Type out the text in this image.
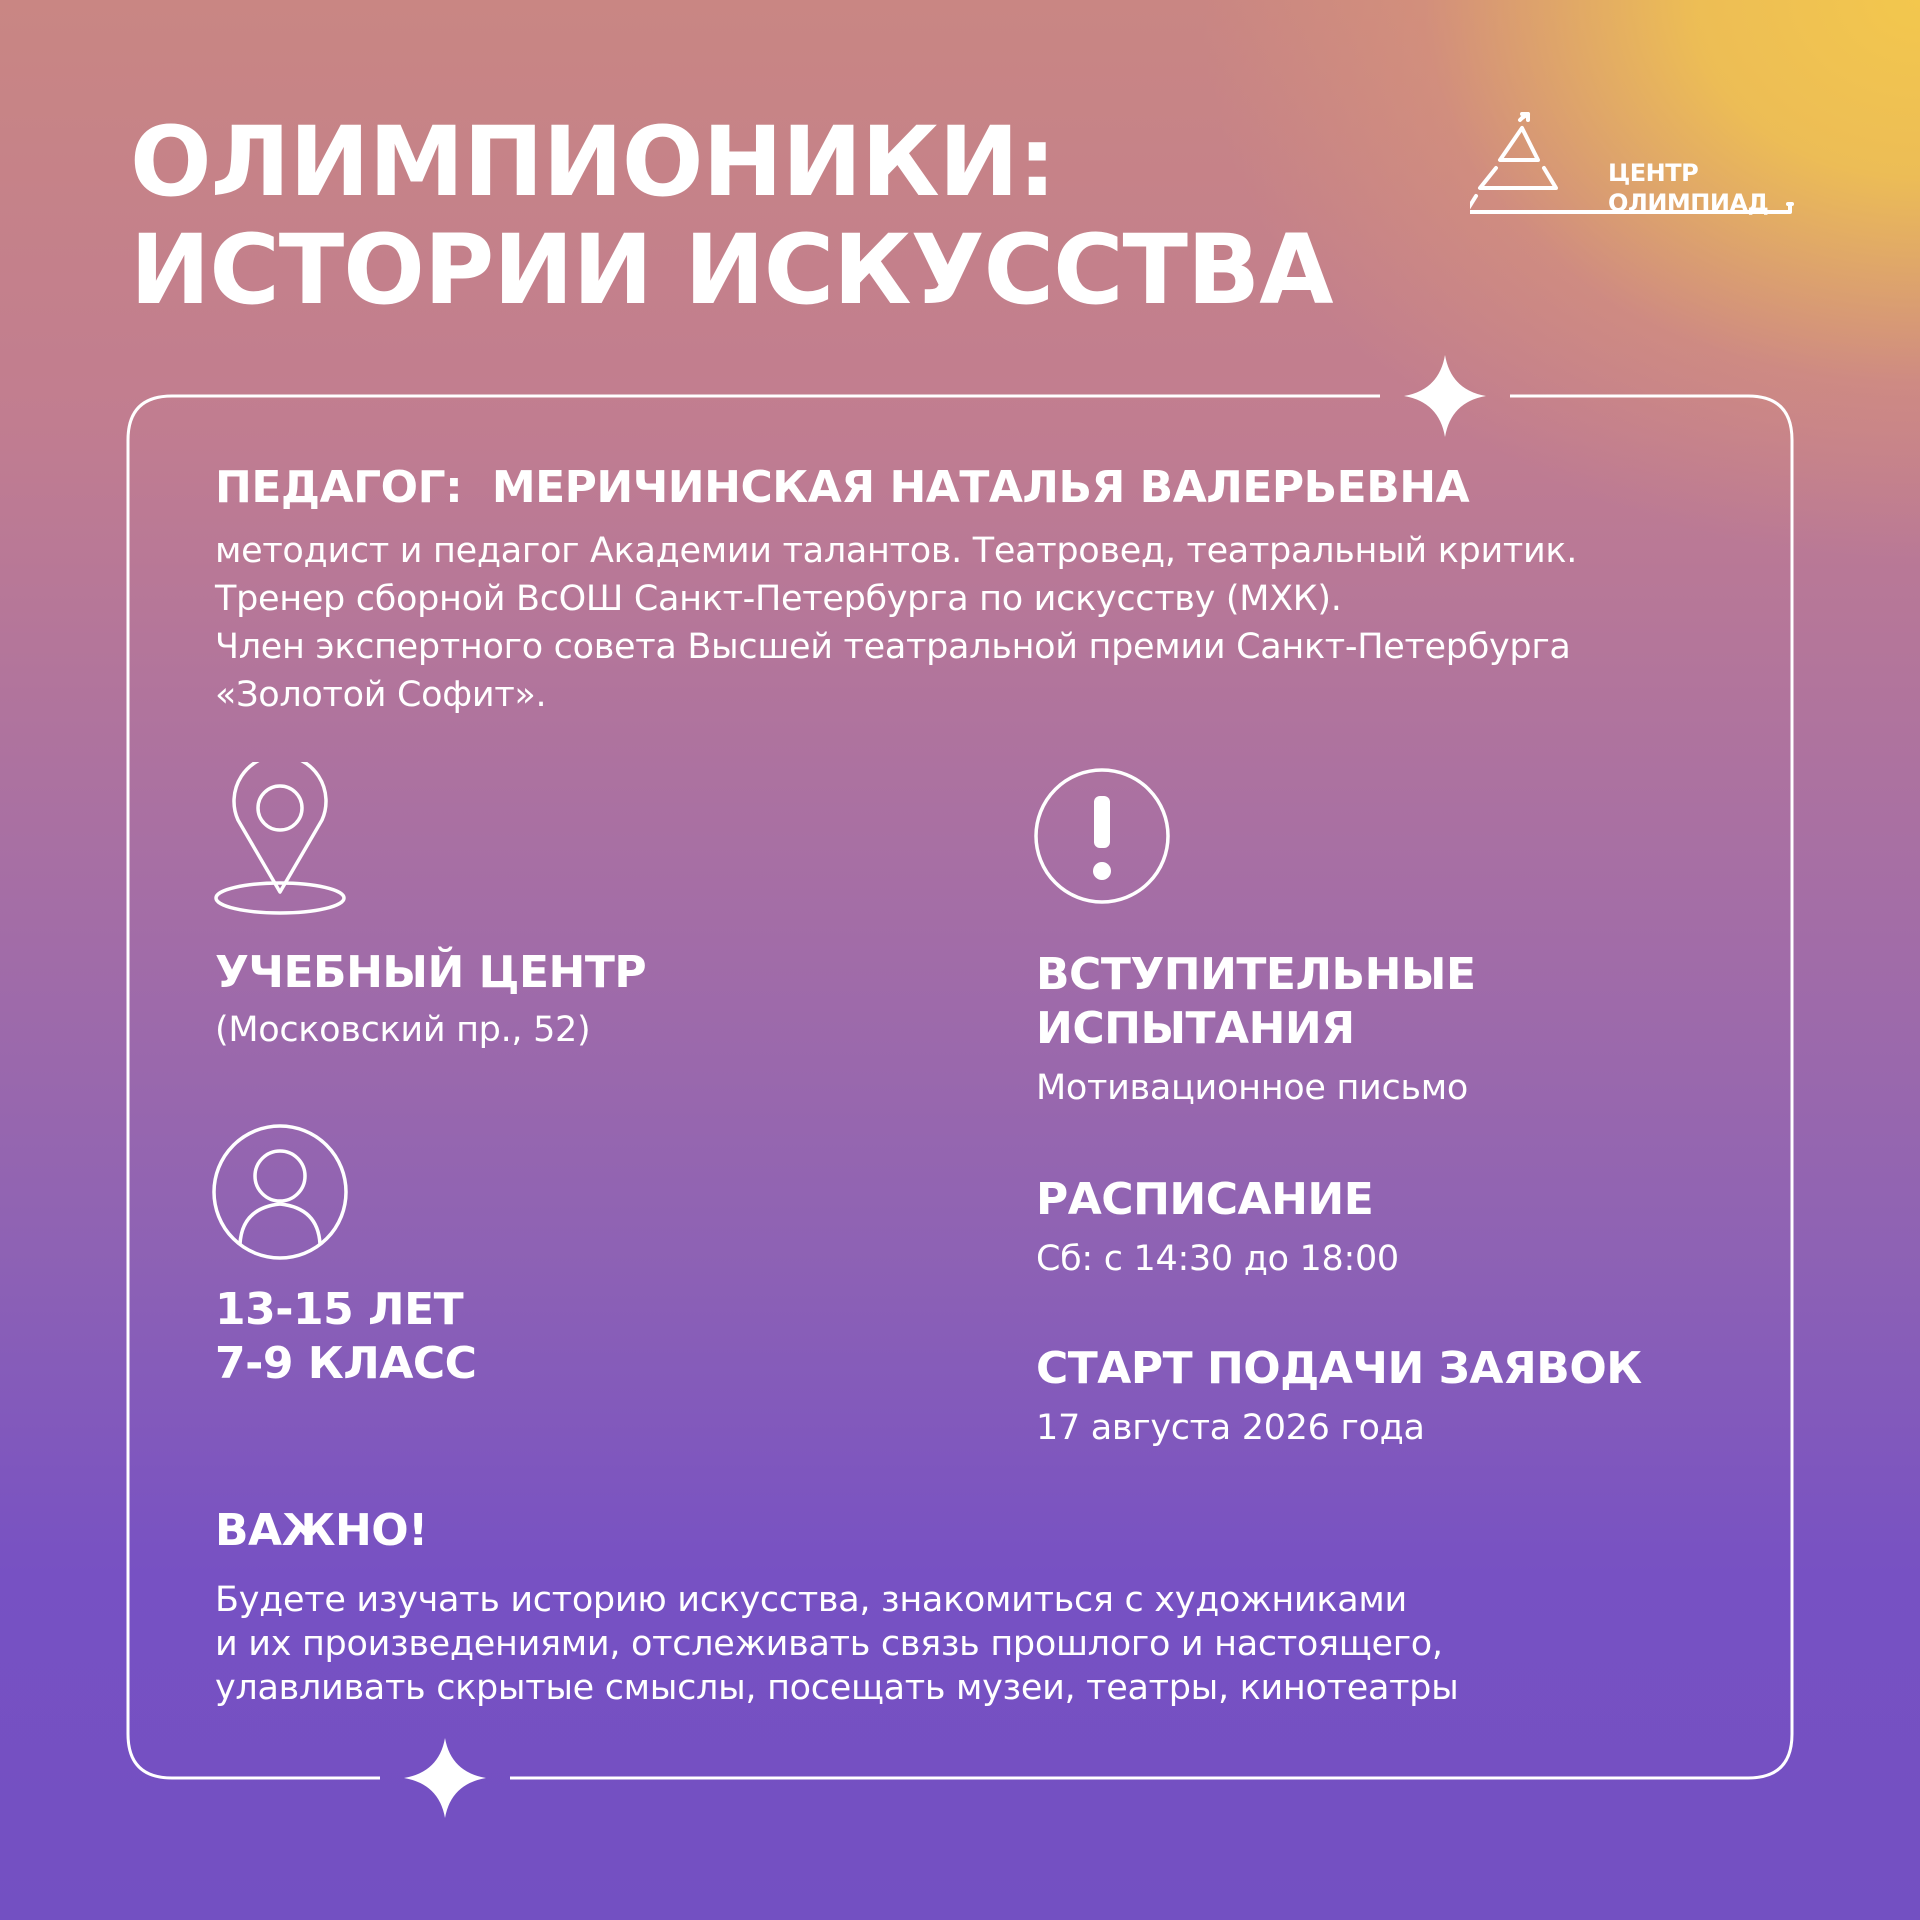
ОЛИМПИОНИКИ:
ИСТОРИИ ИСКУССТВА
ЦЕНТР
ОЛИМПИАД
ПЕДАГОГ:  МЕРИЧИНСКАЯ НАТАЛЬЯ ВАЛЕРЬЕВНА
методист и педагог Академии талантов. Театровед, театральный критик.
Тренер сборной ВсОШ Санкт-Петербурга по искусству (МХК).
Член экспертного совета Высшей театральной премии Санкт-Петербурга
«Золотой Софит».
УЧЕБНЫЙ ЦЕНТР
(Московский пр., 52)
13-15 ЛЕТ
7-9 КЛАСС
ВСТУПИТЕЛЬНЫЕ
ИСПЫТАНИЯ
Мотивационное письмо
РАСПИСАНИЕ
Сб: с 14:30 до 18:00
СТАРТ ПОДАЧИ ЗАЯВОК
17 августа 2026 года
ВАЖНО!
Будете изучать историю искусства, знакомиться с художниками
и их произведениями, отслеживать связь прошлого и настоящего,
улавливать скрытые смыслы, посещать музеи, театры, кинотеатры
